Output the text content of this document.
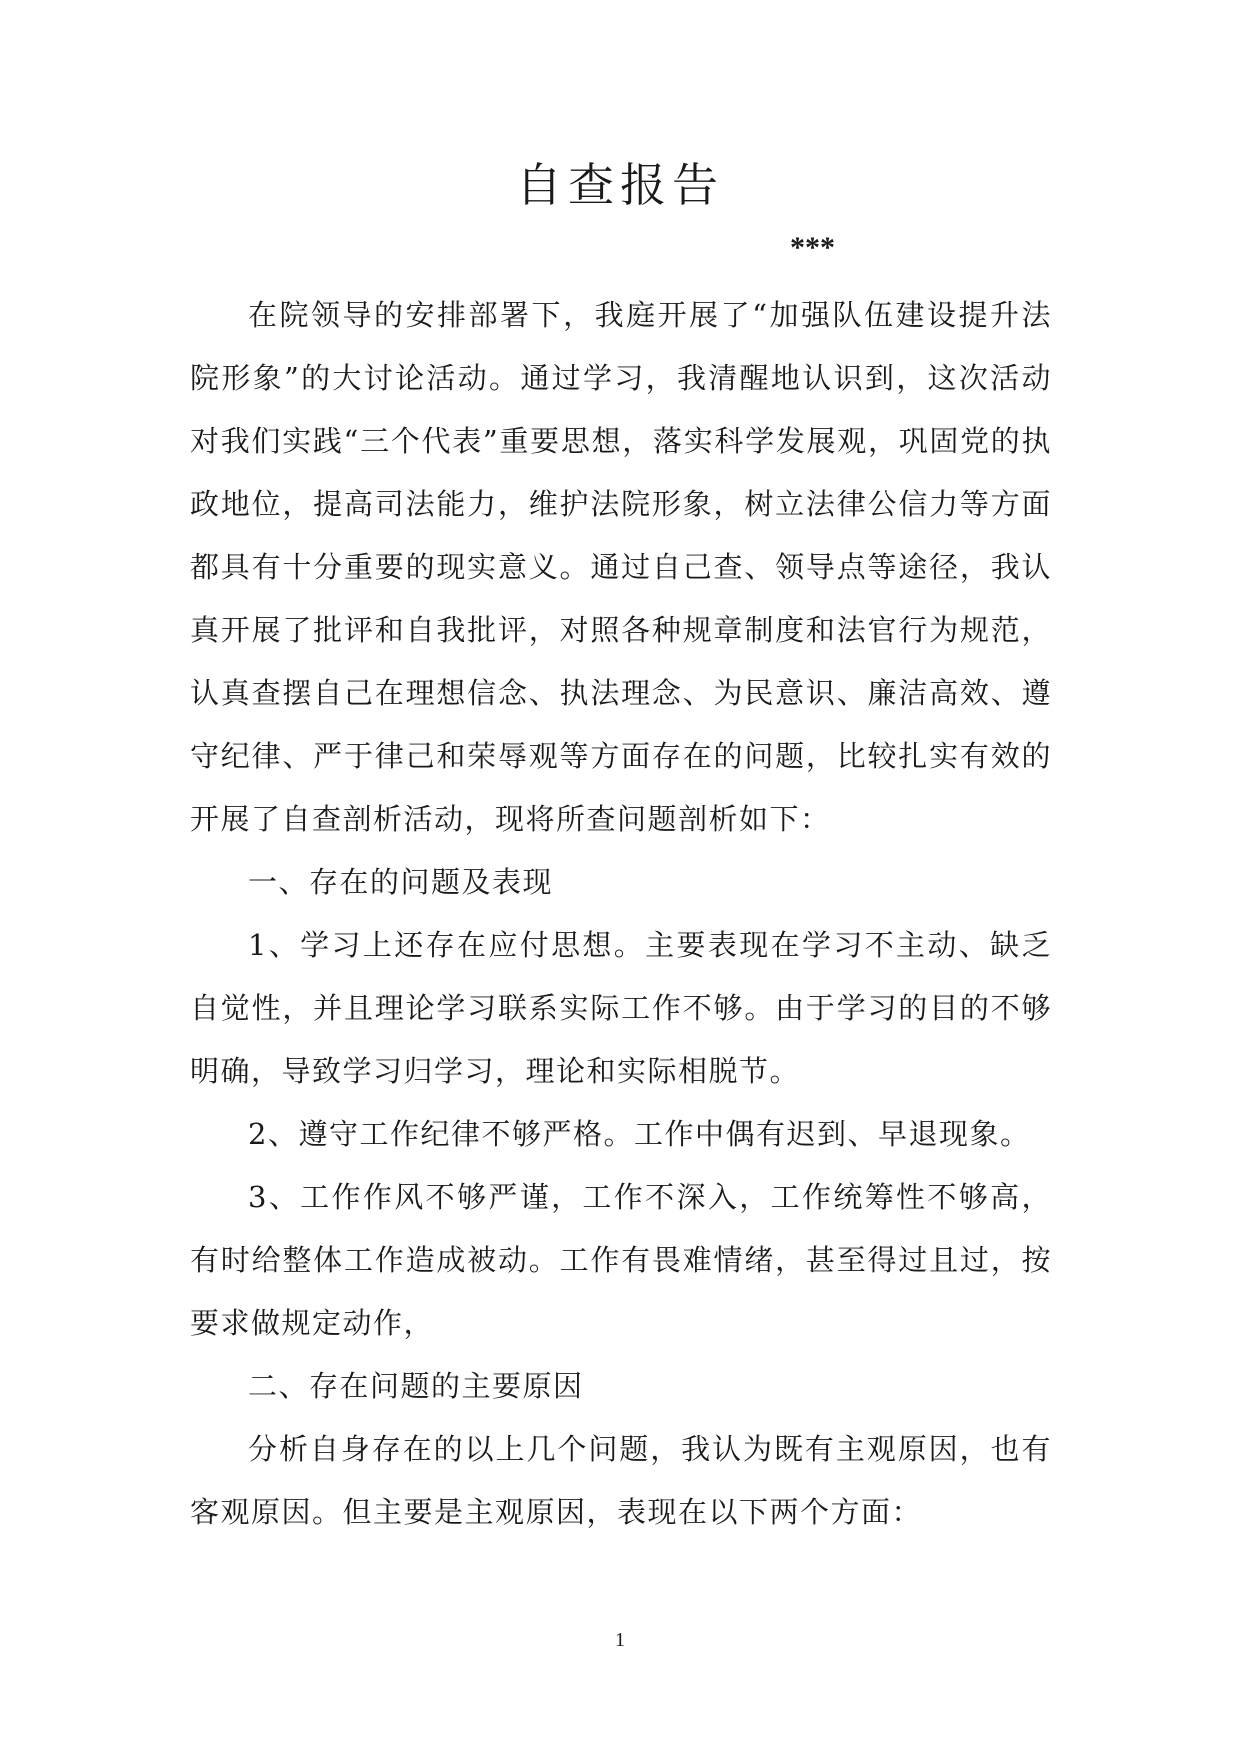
自查报告
***

在院领导的安排部署下，我庭开展了“加强队伍建设提升法院形象”的大讨论活动。通过学习，我清醒地认识到，这次活动对我们实践“三个代表”重要思想，落实科学发展观，巩固党的执政地位，提高司法能力，维护法院形象，树立法律公信力等方面都具有十分重要的现实意义。通过自己查、领导点等途径，我认真开展了批评和自我批评，对照各种规章制度和法官行为规范，认真查摆自己在理想信念、执法理念、为民意识、廉洁高效、遵守纪律、严于律己和荣辱观等方面存在的问题，比较扎实有效的开展了自查剖析活动，现将所查问题剖析如下：

一、存在的问题及表现

1、学习上还存在应付思想。主要表现在学习不主动、缺乏自觉性，并且理论学习联系实际工作不够。由于学习的目的不够明确，导致学习归学习，理论和实际相脱节。

2、遵守工作纪律不够严格。工作中偶有迟到、早退现象。

3、工作作风不够严谨，工作不深入，工作统筹性不够高，有时给整体工作造成被动。工作有畏难情绪，甚至得过且过，按要求做规定动作，

二、存在问题的主要原因

分析自身存在的以上几个问题，我认为既有主观原因，也有客观原因。但主要是主观原因，表现在以下两个方面：

1
